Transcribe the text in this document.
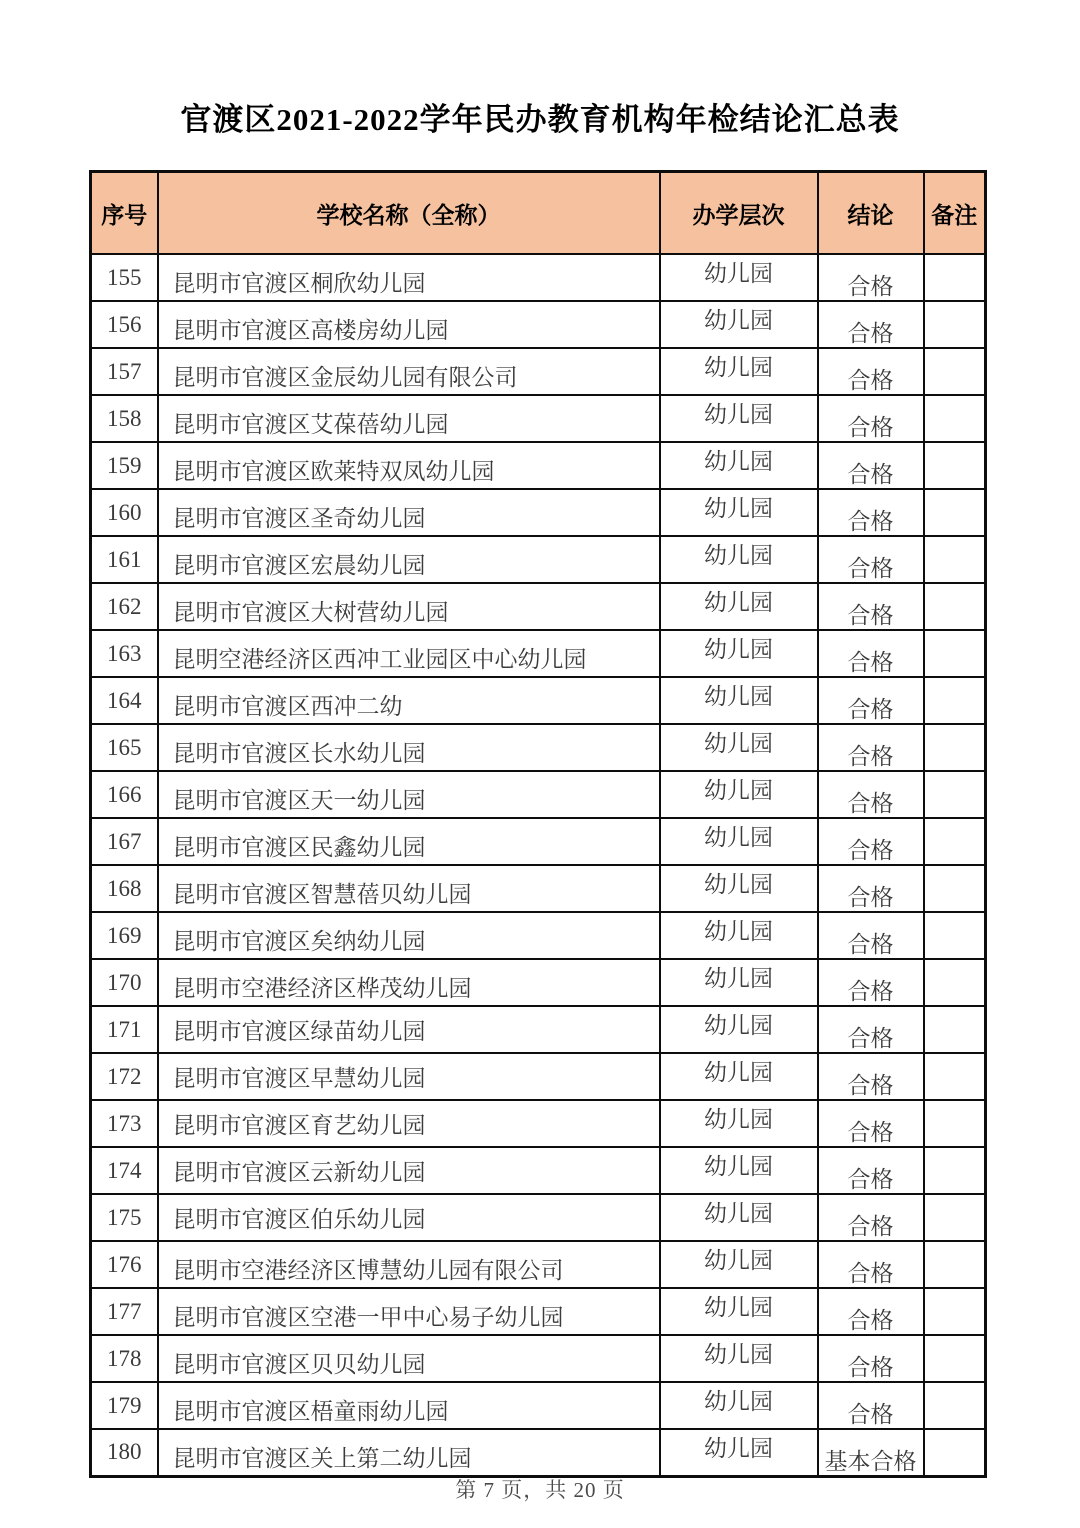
官渡区2021-2022学年民办教育机构年检结论汇总表
序号	学校名称（全称）	办学层次	结论	备注
155	昆明市官渡区桐欣幼儿园	幼儿园	合格	
156	昆明市官渡区高楼房幼儿园	幼儿园	合格	
157	昆明市官渡区金辰幼儿园有限公司	幼儿园	合格	
158	昆明市官渡区艾葆蓓幼儿园	幼儿园	合格	
159	昆明市官渡区欧莱特双凤幼儿园	幼儿园	合格	
160	昆明市官渡区圣奇幼儿园	幼儿园	合格	
161	昆明市官渡区宏晨幼儿园	幼儿园	合格	
162	昆明市官渡区大树营幼儿园	幼儿园	合格	
163	昆明空港经济区西冲工业园区中心幼儿园	幼儿园	合格	
164	昆明市官渡区西冲二幼	幼儿园	合格	
165	昆明市官渡区长水幼儿园	幼儿园	合格	
166	昆明市官渡区天一幼儿园	幼儿园	合格	
167	昆明市官渡区民鑫幼儿园	幼儿园	合格	
168	昆明市官渡区智慧蓓贝幼儿园	幼儿园	合格	
169	昆明市官渡区矣纳幼儿园	幼儿园	合格	
170	昆明市空港经济区桦茂幼儿园	幼儿园	合格	
171	昆明市官渡区绿苗幼儿园	幼儿园	合格	
172	昆明市官渡区早慧幼儿园	幼儿园	合格	
173	昆明市官渡区育艺幼儿园	幼儿园	合格	
174	昆明市官渡区云新幼儿园	幼儿园	合格	
175	昆明市官渡区伯乐幼儿园	幼儿园	合格	
176	昆明市空港经济区博慧幼儿园有限公司	幼儿园	合格	
177	昆明市官渡区空港一甲中心易子幼儿园	幼儿园	合格	
178	昆明市官渡区贝贝幼儿园	幼儿园	合格	
179	昆明市官渡区梧童雨幼儿园	幼儿园	合格	
180	昆明市官渡区关上第二幼儿园	幼儿园	基本合格	
第 7 页，共 20 页
